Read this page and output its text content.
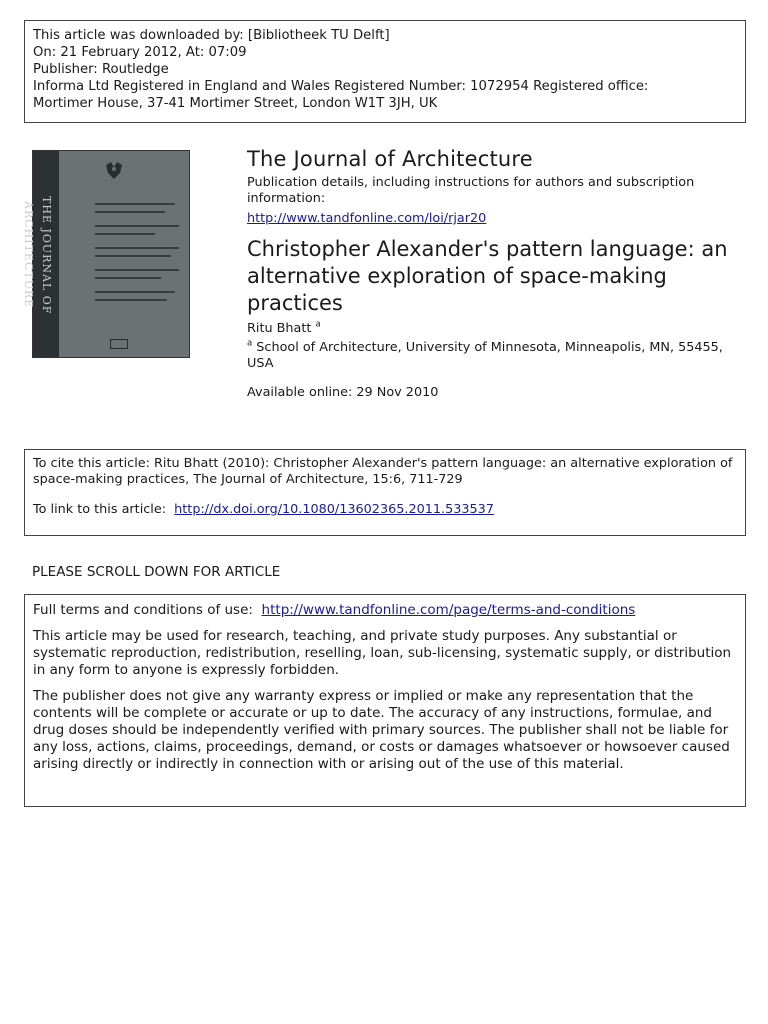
This article was downloaded by: [Bibliotheek TU Delft]
On: 21 February 2012, At: 07:09
Publisher: Routledge
Informa Ltd Registered in England and Wales Registered Number: 1072954 Registered office:
Mortimer House, 37-41 Mortimer Street, London W1T 3JH, UK
THE JOURNAL OF ARCHITECTURE
The Journal of Architecture
Publication details, including instructions for authors and subscription information:
http://www.tandfonline.com/loi/rjar20
Christopher Alexander's pattern language: an alternative exploration of space-making practices
Ritu Bhatt $^a$
$^a$ School of Architecture, University of Minnesota, Minneapolis, MN, 55455, USA
Available online: 29 Nov 2010
To cite this article: Ritu Bhatt (2010): Christopher Alexander's pattern language: an alternative exploration of space-making practices, The Journal of Architecture, 15:6, 711-729
To link to this article: http://dx.doi.org/10.1080/13602365.2011.533537
PLEASE SCROLL DOWN FOR ARTICLE

Full terms and conditions of use: http://www.tandfonline.com/page/terms-and-conditions

This article may be used for research, teaching, and private study purposes. Any substantial or systematic reproduction, redistribution, reselling, loan, sub-licensing, systematic supply, or distribution in any form to anyone is expressly forbidden.

The publisher does not give any warranty express or implied or make any representation that the contents will be complete or accurate or up to date. The accuracy of any instructions, formulae, and drug doses should be independently verified with primary sources. The publisher shall not be liable for any loss, actions, claims, proceedings, demand, or costs or damages whatsoever or howsoever caused arising directly or indirectly in connection with or arising out of the use of this material.
